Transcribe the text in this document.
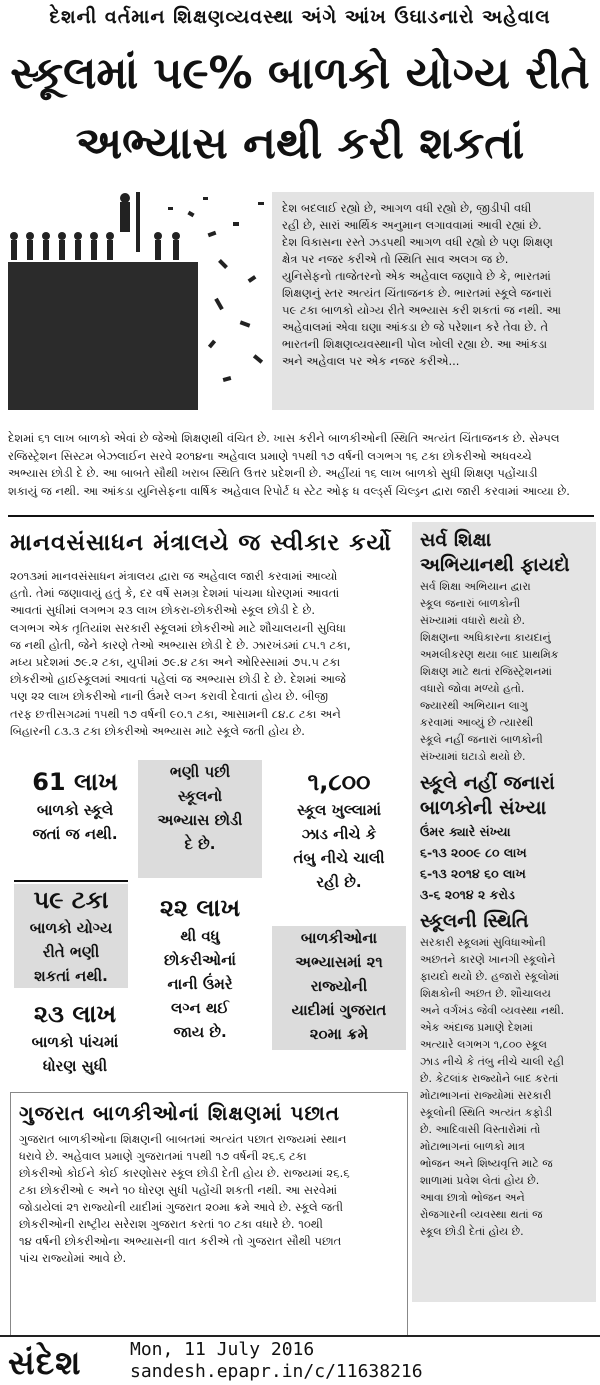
દેશની વર્તમાન શિક્ષણવ્યવસ્થા અંગે આંખ ઉઘાડનારો અહેવાલ
સ્કૂલમાં ૫૯% બાળકો યોગ્ય રીતે
અભ્યાસ નથી કરી શકતાં
દેશ બદલાઈ રહ્યો છે, આગળ વધી રહ્યો છે, જીડીપી વધી
રહી છે, સારાં આર્થિક અનુમાન લગાવવામાં આવી રહ્યાં છે.
દેશ વિકાસના રસ્તે ઝડપથી આગળ વધી રહ્યો છે પણ શિક્ષણ
ક્ષેત્ર પર નજર કરીએ તો સ્થિતિ સાવ અલગ જ છે.
યુનિસેફનો તાજેતરનો એક અહેવાલ જણાવે છે કે, ભારતમાં
શિક્ષણનું સ્તર અત્યંત ચિંતાજનક છે. ભારતમાં સ્કૂલે જનારાં
૫૯ ટકા બાળકો યોગ્ય રીતે અભ્યાસ કરી શકતાં જ નથી. આ
અહેવાલમાં એવા ઘણા આંકડા છે જે પરેશાન કરે તેવા છે. તે
ભારતની શિક્ષણવ્યવસ્થાની પોલ ખોલી રહ્યા છે. આ આંકડા
અને અહેવાલ પર એક નજર કરીએ...
દેશમાં ૬૧ લાખ બાળકો એવાં છે જેઓ શિક્ષણથી વંચિત છે. ખાસ કરીને બાળકીઓની સ્થિતિ અત્યંત ચિંતાજનક છે. સેમ્પલ
રજિસ્ટ્રેશન સિસ્ટમ બેઝલાઈન સરવે ૨૦૧૪ના અહેવાલ પ્રમાણે ૧૫થી ૧૭ વર્ષની લગભગ ૧૬ ટકા છોકરીઓ અધવચ્ચે
અભ્યાસ છોડી દે છે. આ બાબતે સૌથી ખરાબ સ્થિતિ ઉત્તર પ્રદેશની છે. અહીંયાં ૧૬ લાખ બાળકો સુધી શિક્ષણ પહોંચાડી
શકાયું જ નથી. આ આંકડા યુનિસેફના વાર્ષિક અહેવાલ રિપોર્ટ ધ સ્ટેટ ઓફ ધ વર્લ્ડ્સ ચિલ્ડ્રન દ્વારા જારી કરવામાં આવ્યા છે.
માનવસંસાધન મંત્રાલયે જ સ્વીકાર કર્યો
૨૦૧૩માં માનવસંસાધન મંત્રાલય દ્વારા જ અહેવાલ જારી કરવામાં આવ્યો
હતો. તેમાં જણાવાયું હતું કે, દર વર્ષે સમગ્ર દેશમાં પાંચમા ધોરણમાં આવતાં
આવતાં સુધીમાં લગભગ ૨૩ લાખ છોકરા-છોકરીઓ સ્કૂલ છોડી દે છે.
લગભગ એક તૃતિયાંશ સરકારી સ્કૂલમાં છોકરીઓ માટે શૌચાલયની સુવિધા
જ નથી હોતી, જેને કારણે તેઓ અભ્યાસ છોડી દે છે. ઝારખંડમાં ૮૫.૧ ટકા,
મધ્ય પ્રદેશમાં ૭૯.૨ ટકા, યુપીમાં ૭૯.૪ ટકા અને ઓરિસ્સામાં ૭૫.૫ ટકા
છોકરીઓ હાઈસ્કૂલમાં આવતાં પહેલાં જ અભ્યાસ છોડી દે છે. દેશમાં આજે
પણ ૨૨ લાખ છોકરીઓ નાની ઉંમરે લગ્ન કરાવી દેવાતાં હોય છે. બીજી
તરફ છત્તીસગઢમાં ૧૫થી ૧૭ વર્ષની ૯૦.૧ ટકા, આસામની ૮૪.૮ ટકા અને
બિહારની ૮૩.૩ ટકા છોકરીઓ અભ્યાસ માટે સ્કૂલે જતી હોય છે.
61 લાખ
બાળકો સ્કૂલે
જતાં જ નથી.
૫૯ ટકા
બાળકો યોગ્ય
રીતે ભણી
શકતાં નથી.
૨૩ લાખ
બાળકો પાંચમાં
ધોરણ સુધી
ભણી પછી
સ્કૂલનો
અભ્યાસ છોડી
દે છે.
૨૨ લાખ
થી વધુ
છોકરીઓનાં
નાની ઉંમરે
લગ્ન થઈ
જાય છે.
૧,૮૦૦
સ્કૂલ ખુલ્લામાં
ઝાડ નીચે કે
તંબુ નીચે ચાલી
રહી છે.
બાળકીઓના
અભ્યાસમાં ૨૧
રાજ્યોની
યાદીમાં ગુજરાત
૨૦મા ક્રમે
સર્વ શિક્ષા
અભિયાનથી ફાયદો
સર્વ શિક્ષા અભિયાન દ્વારા
સ્કૂલ જનારાં બાળકોની
સંખ્યામાં વધારો થયો છે.
શિક્ષણના અધિકારના કાયદાનું
અમલીકરણ થયા બાદ પ્રાથમિક
શિક્ષણ માટે થતાં રજિસ્ટ્રેશનમાં
વધારો જોવા મળ્યો હતો.
જ્યારથી અભિયાન લાગુ
કરવામાં આવ્યું છે ત્યારથી
સ્કૂલે નહીં જનારાં બાળકોની
સંખ્યામાં ઘટાડો થયો છે.
સ્કૂલે નહીં જનારાં
બાળકોની સંખ્યા
ઉંમર ક્યારે સંખ્યા
૬-૧૩ ૨૦૦૯ ૮૦ લાખ
૬-૧૩ ૨૦૧૪ ૬૦ લાખ
૩-૬ ૨૦૧૪ ૨ કરોડ
સ્કૂલની સ્થિતિ
સરકારી સ્કૂલમાં સુવિધાઓની
અછતને કારણે ખાનગી સ્કૂલોને
ફાયદો થયો છે. હજારો સ્કૂલોમાં
શિક્ષકોની અછત છે. શૌચાલય
અને વર્ગખંડ જેવી વ્યવસ્થા નથી.
એક અંદાજ પ્રમાણે દેશમાં
અત્યારે લગભગ ૧,૮૦૦ સ્કૂલ
ઝાડ નીચે કે તંબુ નીચે ચાલી રહી
છે. કેટલાંક રાજ્યોને બાદ કરતાં
મોટાભાગનાં રાજ્યોમાં સરકારી
સ્કૂલોની સ્થિતિ અત્યંત કફોડી
છે. આદિવાસી વિસ્તારોમાં તો
મોટાભાગનાં બાળકો માત્ર
ભોજન અને શિષ્યવૃત્તિ માટે જ
શાળામાં પ્રવેશ લેતાં હોય છે.
આવા છાત્રો ભોજન અને
રોજગારની વ્યવસ્થા થતાં જ
સ્કૂલ છોડી દેતાં હોય છે.
ગુજરાત બાળકીઓનાં શિક્ષણમાં પછાત
ગુજરાત બાળકીઓના શિક્ષણની બાબતમાં અત્યંત પછાત રાજ્યમાં સ્થાન
ધરાવે છે. અહેવાલ પ્રમાણે ગુજરાતમાં ૧૫થી ૧૭ વર્ષની ૨૬.૬ ટકા
છોકરીઓ કોઈને કોઈ કારણોસર સ્કૂલ છોડી દેતી હોય છે. રાજ્યમાં ૨૬.૬
ટકા છોકરીઓ ૯ અને ૧૦ ધોરણ સુધી પહોંચી શકતી નથી. આ સરવેમાં
જોડાયેલાં ૨૧ રાજ્યોની યાદીમાં ગુજરાત ૨૦મા ક્રમે આવે છે. સ્કૂલે જતી
છોકરીઓની રાષ્ટ્રીય સરેરાશ ગુજરાત કરતાં ૧૦ ટકા વધારે છે. ૧૦થી
૧૪ વર્ષની છોકરીઓના અભ્યાસની વાત કરીએ તો ગુજરાત સૌથી પછાત
પાંચ રાજ્યોમાં આવે છે.
સંદેશ	Mon, 11 July 2016
sandesh.epapr.in/c/11638216
